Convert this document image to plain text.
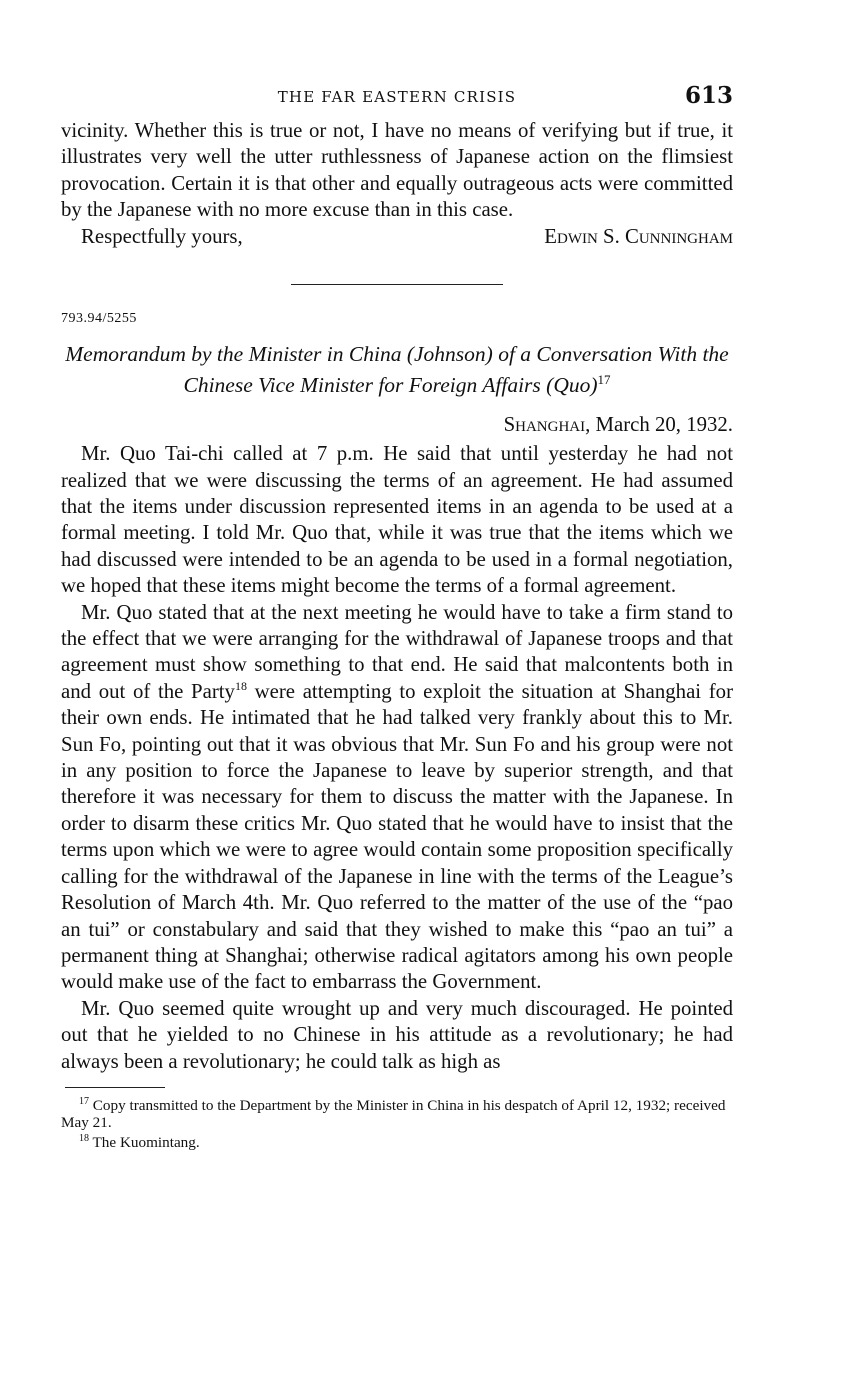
THE FAR EASTERN CRISIS	613

vicinity. Whether this is true or not, I have no means of verifying but if true, it illustrates very well the utter ruthlessness of Japanese action on the flimsiest provocation. Certain it is that other and equally outrageous acts were committed by the Japanese with no more excuse than in this case.

Respectfully yours,	Edwin S. Cunningham
793.94/5255
Memorandum by the Minister in China (Johnson) of a Conversation With the Chinese Vice Minister for Foreign Affairs (Quo)$^{17}$
Shanghai, March 20, 1932.

Mr. Quo Tai-chi called at 7 p.m. He said that until yesterday he had not realized that we were discussing the terms of an agreement. He had assumed that the items under discussion represented items in an agenda to be used at a formal meeting. I told Mr. Quo that, while it was true that the items which we had discussed were intended to be an agenda to be used in a formal negotiation, we hoped that these items might become the terms of a formal agreement.

Mr. Quo stated that at the next meeting he would have to take a firm stand to the effect that we were arranging for the withdrawal of Japanese troops and that agreement must show something to that end. He said that malcontents both in and out of the Party$^{18}$ were attempting to exploit the situation at Shanghai for their own ends. He intimated that he had talked very frankly about this to Mr. Sun Fo, pointing out that it was obvious that Mr. Sun Fo and his group were not in any position to force the Japanese to leave by superior strength, and that therefore it was necessary for them to discuss the matter with the Japanese. In order to disarm these critics Mr. Quo stated that he would have to insist that the terms upon which we were to agree would contain some proposition specifically calling for the withdrawal of the Japanese in line with the terms of the League’s Resolution of March 4th. Mr. Quo referred to the matter of the use of the “pao an tui” or constabulary and said that they wished to make this “pao an tui” a permanent thing at Shanghai; otherwise radical agitators among his own people would make use of the fact to embarrass the Government.

Mr. Quo seemed quite wrought up and very much discouraged. He pointed out that he yielded to no Chinese in his attitude as a revolutionary; he had always been a revolutionary; he could talk as high as

$^{17}$ Copy transmitted to the Department by the Minister in China in his despatch of April 12, 1932; received May 21.

$^{18}$ The Kuomintang.
